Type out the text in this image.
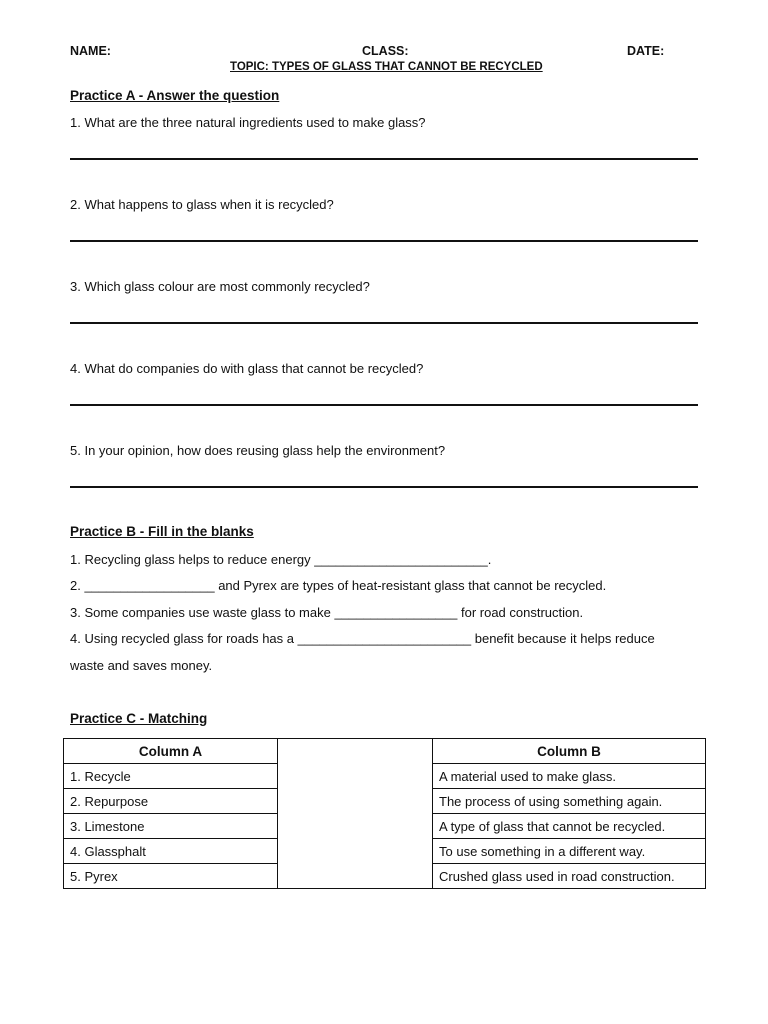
NAME:	CLASS:	DATE:
TOPIC: TYPES OF GLASS THAT CANNOT BE RECYCLED
Practice A - Answer the question
1. What are the three natural ingredients used to make glass?
2. What happens to glass when it is recycled?
3. Which glass colour are most commonly recycled?
4. What do companies do with glass that cannot be recycled?
5. In your opinion, how does reusing glass help the environment?
Practice B - Fill in the blanks
1. Recycling glass helps to reduce energy ________________________.
2. __________________ and Pyrex are types of heat-resistant glass that cannot be recycled.
3. Some companies use waste glass to make _________________ for road construction.
4. Using recycled glass for roads has a ________________________ benefit because it helps reduce
waste and saves money.
Practice C - Matching
Column A		Column B
1. Recycle		A material used to make glass.
2. Repurpose		The process of using something again.
3. Limestone		A type of glass that cannot be recycled.
4. Glassphalt		To use something in a different way.
5. Pyrex		Crushed glass used in road construction.
